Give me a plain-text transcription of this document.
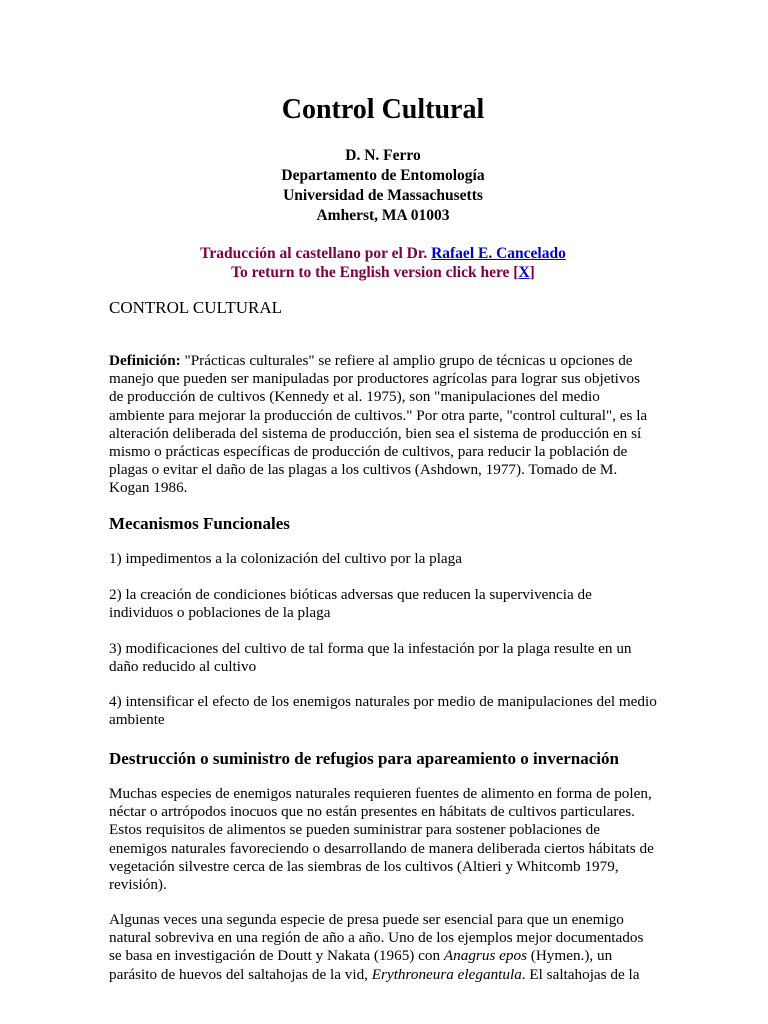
Control Cultural
D. N. Ferro
Departamento de Entomología
Universidad de Massachusetts
Amherst, MA 01003
Traducción al castellano por el Dr. Rafael E. Cancelado
To return to the English version click here [X]
CONTROL CULTURAL

Definición: "Prácticas culturales" se refiere al amplio grupo de técnicas u opciones de manejo que pueden ser manipuladas por productores agrícolas para lograr sus objetivos de producción de cultivos (Kennedy et al. 1975), son "manipulaciones del medio ambiente para mejorar la producción de cultivos." Por otra parte, "control cultural", es la alteración deliberada del sistema de producción, bien sea el sistema de producción en sí mismo o prácticas específicas de producción de cultivos, para reducir la población de plagas o evitar el daño de las plagas a los cultivos (Ashdown, 1977). Tomado de M. Kogan 1986.

Mecanismos Funcionales

1) impedimentos a la colonización del cultivo por la plaga

2) la creación de condiciones bióticas adversas que reducen la supervivencia de individuos o poblaciones de la plaga

3) modificaciones del cultivo de tal forma que la infestación por la plaga resulte en un daño reducido al cultivo

4) intensificar el efecto de los enemigos naturales por medio de manipulaciones del medio ambiente

Destrucción o suministro de refugios para apareamiento o invernación

Muchas especies de enemigos naturales requieren fuentes de alimento en forma de polen, néctar o artrópodos inocuos que no están presentes en hábitats de cultivos particulares. Estos requisitos de alimentos se pueden suministrar para sostener poblaciones de enemigos naturales favoreciendo o desarrollando de manera deliberada ciertos hábitats de vegetación silvestre cerca de las siembras de los cultivos (Altieri y Whitcomb 1979, revisión).

Algunas veces una segunda especie de presa puede ser esencial para que un enemigo natural sobreviva en una región de año a año. Uno de los ejemplos mejor documentados se basa en investigación de Doutt y Nakata (1965) con Anagrus epos (Hymen.), un parásito de huevos del saltahojas de la vid, Erythroneura elegantula. El saltahojas de la
